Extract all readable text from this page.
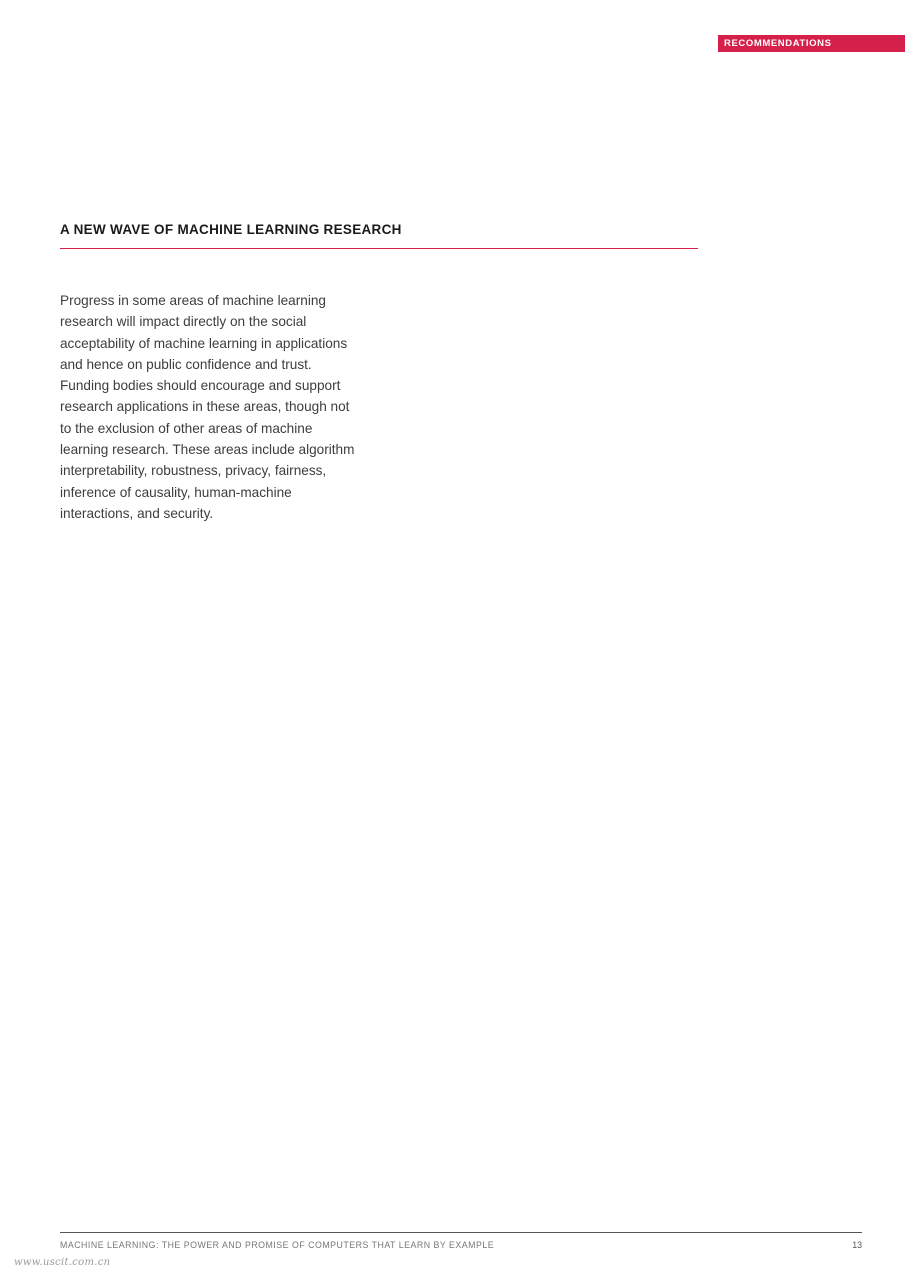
RECOMMENDATIONS
A NEW WAVE OF MACHINE LEARNING RESEARCH

Progress in some areas of machine learning research will impact directly on the social acceptability of machine learning in applications and hence on public confidence and trust. Funding bodies should encourage and support research applications in these areas, though not to the exclusion of other areas of machine learning research. These areas include algorithm interpretability, robustness, privacy, fairness, inference of causality, human-machine interactions, and security.

MACHINE LEARNING: THE POWER AND PROMISE OF COMPUTERS THAT LEARN BY EXAMPLE	13
www.uscit.com.cn
